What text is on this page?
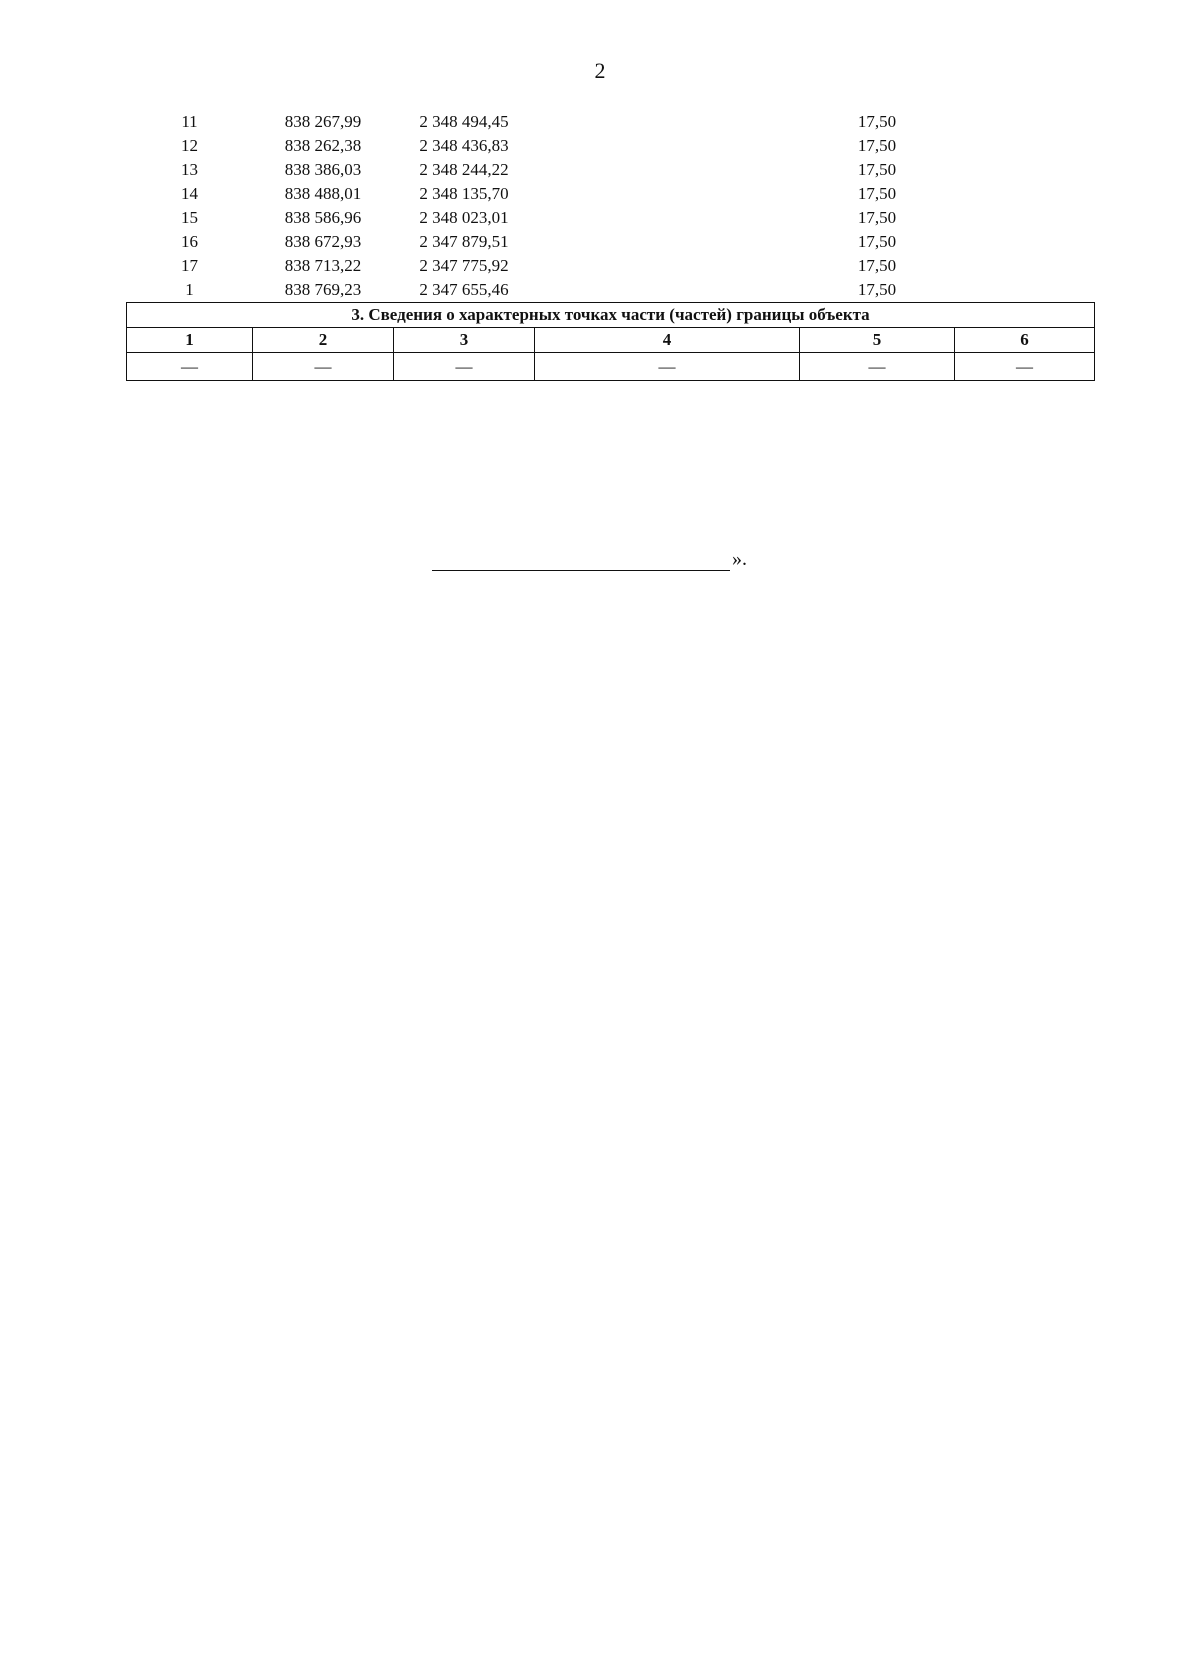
2
11	838 267,99	2 348 494,45		17,50	
12	838 262,38	2 348 436,83		17,50	
13	838 386,03	2 348 244,22		17,50	
14	838 488,01	2 348 135,70		17,50	
15	838 586,96	2 348 023,01		17,50	
16	838 672,93	2 347 879,51		17,50	
17	838 713,22	2 347 775,92		17,50	
1	838 769,23	2 347 655,46		17,50	
3. Сведения о характерных точках части (частей) границы объекта					
1	2	3	4	5	6
—	—	—	—	—	—
».
